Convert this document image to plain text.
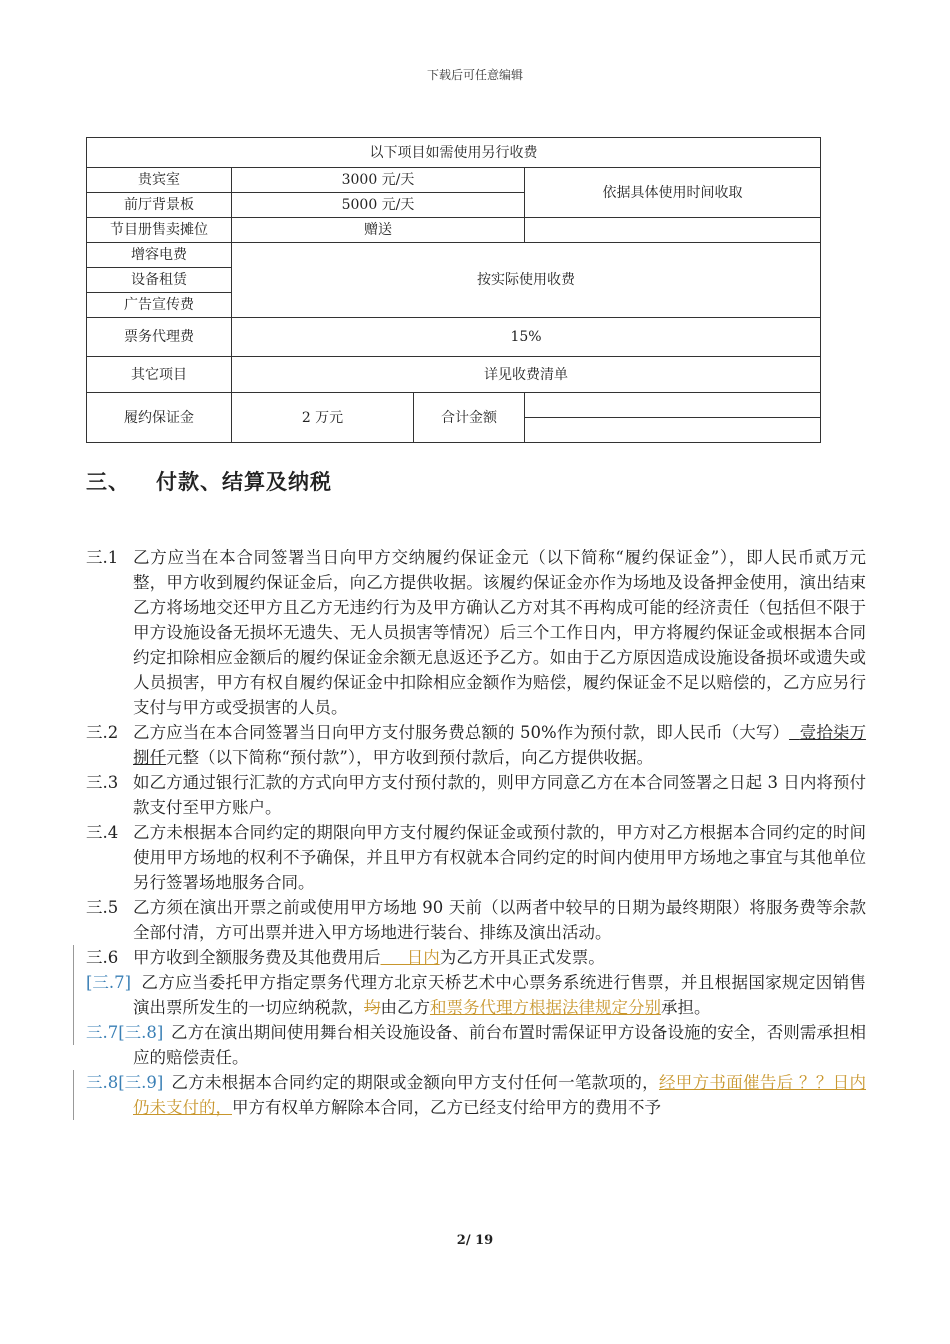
下载后可任意编辑
以下项目如需使用另行收费			
贵宾室	3000 元/天		依据具体使用时间收取
前厅背景板	5000 元/天		
节目册售卖摊位	赠送		
增容电费	按实际使用收费		
设备租赁			
广告宣传费			
票务代理费	15%		
其它项目	详见收费清单		
履约保证金	2 万元	合计金额	

三、 付款、结算及纳税
三.1 乙方应当在本合同签署当日向甲方交纳履约保证金元（以下简称“履约保证金”），即人民币贰万元整，甲方收到履约保证金后，向乙方提供收据。该履约保证金亦作为场地及设备押金使用，演出结束乙方将场地交还甲方且乙方无违约行为及甲方确认乙方对其不再构成可能的经济责任（包括但不限于甲方设施设备无损坏无遗失、无人员损害等情况）后三个工作日内，甲方将履约保证金或根据本合同约定扣除相应金额后的履约保证金余额无息返还予乙方。如由于乙方原因造成设施设备损坏或遗失或人员损害，甲方有权自履约保证金中扣除相应金额作为赔偿，履约保证金不足以赔偿的，乙方应另行支付与甲方或受损害的人员。
三.2 乙方应当在本合同签署当日向甲方支付服务费总额的 50%作为预付款，即人民币（大写） 壹拾柒万捌仟元整（以下简称“预付款”），甲方收到预付款后，向乙方提供收据。
三.3 如乙方通过银行汇款的方式向甲方支付预付款的，则甲方同意乙方在本合同签署之日起 3 日内将预付款支付至甲方账户。
三.4 乙方未根据本合同约定的期限向甲方支付履约保证金或预付款的，甲方对乙方根据本合同约定的时间使用甲方场地的权利不予确保，并且甲方有权就本合同约定的时间内使用甲方场地之事宜与其他单位另行签署场地服务合同。
三.5 乙方须在演出开票之前或使用甲方场地 90 天前（以两者中较早的日期为最终期限）将服务费等余款全部付清，方可出票并进入甲方场地进行装台、排练及演出活动。
三.6 甲方收到全额服务费及其他费用后     日内为乙方开具正式发票。
[三.7] 乙方应当委托甲方指定票务代理方北京天桥艺术中心票务系统进行售票，并且根据国家规定因销售演出票所发生的一切应纳税款，均由乙方和票务代理方根据法律规定分别承担。
三.7[三.8] 乙方在演出期间使用舞台相关设施设备、前台布置时需保证甲方设备设施的安全，否则需承担相应的赔偿责任。
三.8[三.9] 乙方未根据本合同约定的期限或金额向甲方支付任何一笔款项的，经甲方书面催告后 ？？日内仍未支付的，甲方有权单方解除本合同，乙方已经支付给甲方的费用不予
2/ 19
